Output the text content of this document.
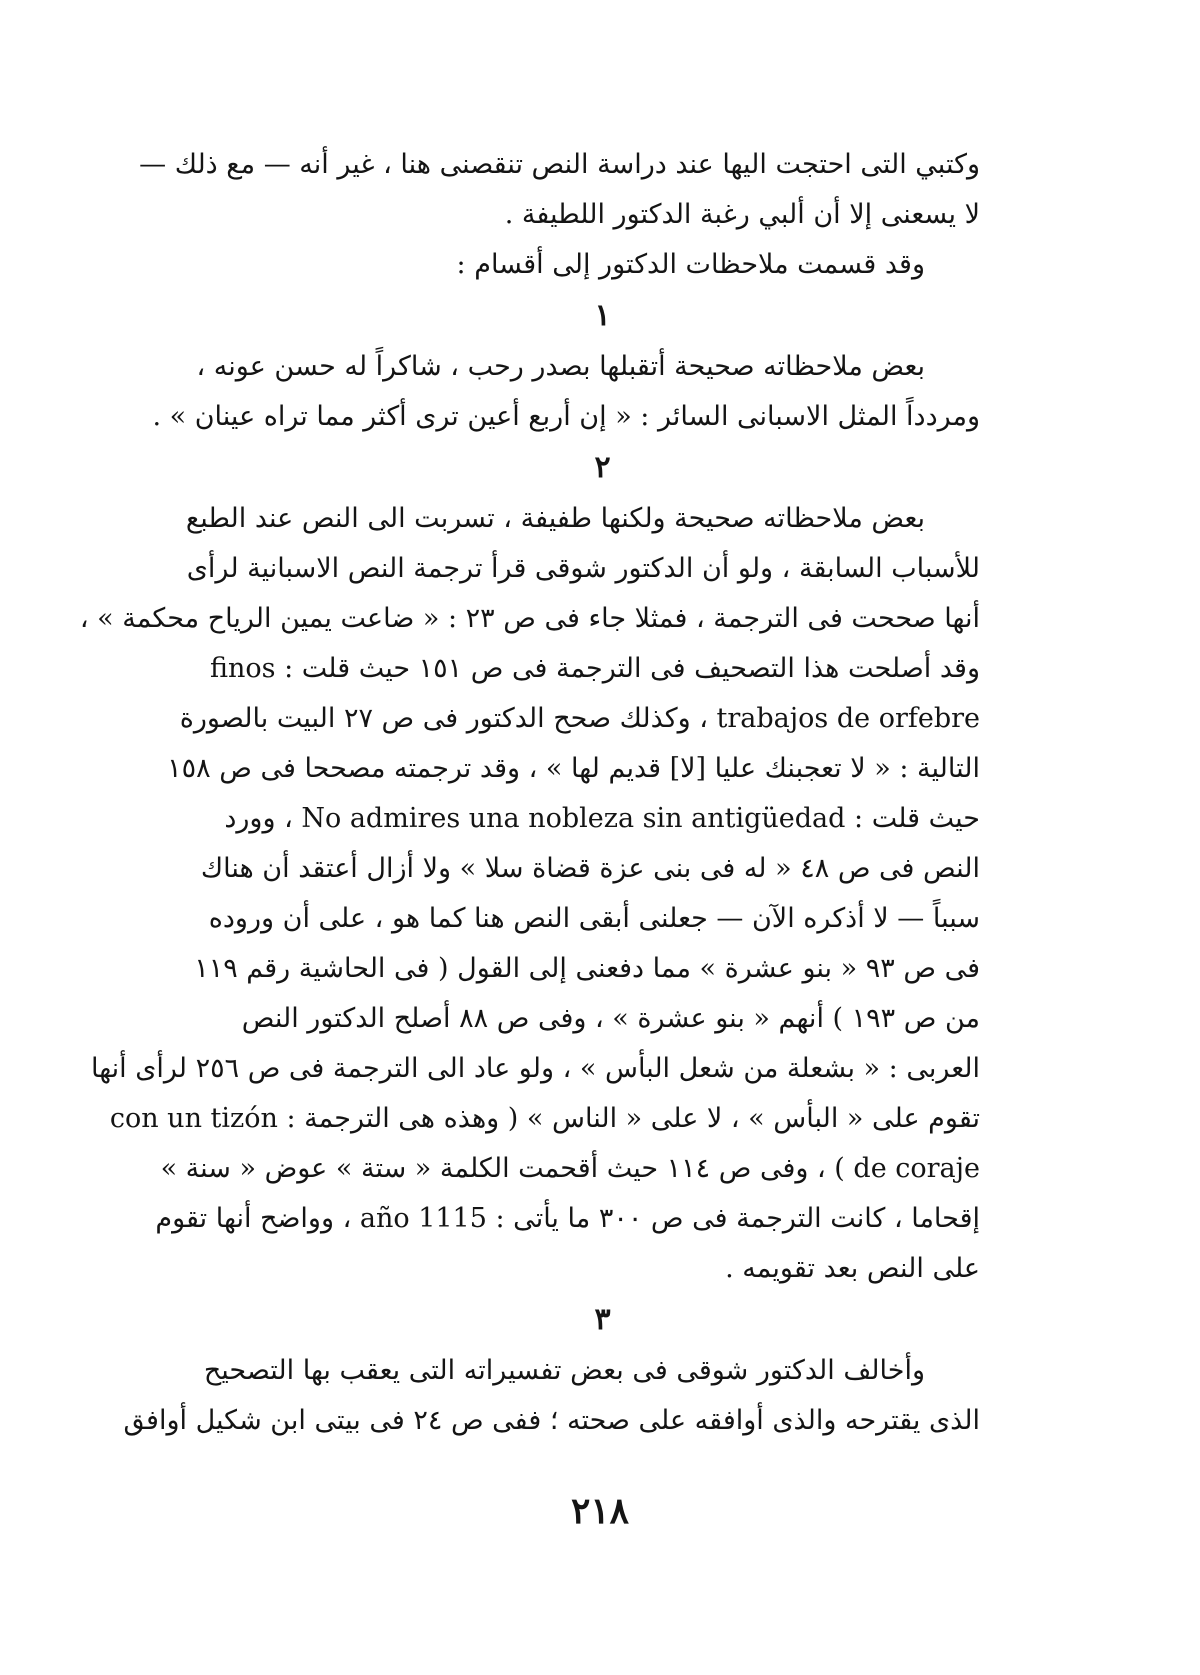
وكتبي التى احتجت اليها عند دراسة النص تنقصنى هنا ، غير أنه — مع ذلك —
لا يسعنى إلا أن ألبي رغبة الدكتور اللطيفة .
وقد قسمت ملاحظات الدكتور إلى أقسام :
١
بعض ملاحظاته صحيحة أتقبلها بصدر رحب ، شاكراً له حسن عونه ،
ومردداً المثل الاسبانى السائر : « إن أربع أعين ترى أكثر مما تراه عينان » .
٢
بعض ملاحظاته صحيحة ولكنها طفيفة ، تسربت الى النص عند الطبع
للأسباب السابقة ، ولو أن الدكتور شوقى قرأ ترجمة النص الاسبانية لرأى
أنها صححت فى الترجمة ، فمثلا جاء فى ص ٢٣ : « ضاعت يمين الرياح محكمة » ،
وقد أصلحت هذا التصحيف فى الترجمة فى ص ١٥١ حيث قلت : finos
trabajos de orfebre ، وكذلك صحح الدكتور فى ص ٢٧ البيت بالصورة
التالية : « لا تعجبنك عليا [لا] قديم لها » ، وقد ترجمته مصححا فى ص ١٥٨
حيث قلت : No admires una nobleza sin antigüedad ، وورد
النص فى ص ٤٨ « له فى بنى عزة قضاة سلا » ولا أزال أعتقد أن هناك
سبباً — لا أذكره الآن — جعلنى أبقى النص هنا كما هو ، على أن وروده
فى ص ٩٣ « بنو عشرة » مما دفعنى إلى القول ( فى الحاشية رقم ١١٩
من ص ١٩٣ ) أنهم « بنو عشرة » ، وفى ص ٨٨ أصلح الدكتور النص
العربى : « بشعلة من شعل البأس » ، ولو عاد الى الترجمة فى ص ٢٥٦ لرأى أنها
تقوم على « البأس » ، لا على « الناس » ( وهذه هى الترجمة : con un tizón
de coraje ) ، وفى ص ١١٤ حيث أقحمت الكلمة « ستة » عوض « سنة »
إقحاما ، كانت الترجمة فى ص ٣٠٠ ما يأتى : año 1115 ، وواضح أنها تقوم
على النص بعد تقويمه .
٣
وأخالف الدكتور شوقى فى بعض تفسيراته التى يعقب بها التصحيح
الذى يقترحه والذى أوافقه على صحته ؛ ففى ص ٢٤ فى بيتى ابن شكيل أوافق
٢١٨
